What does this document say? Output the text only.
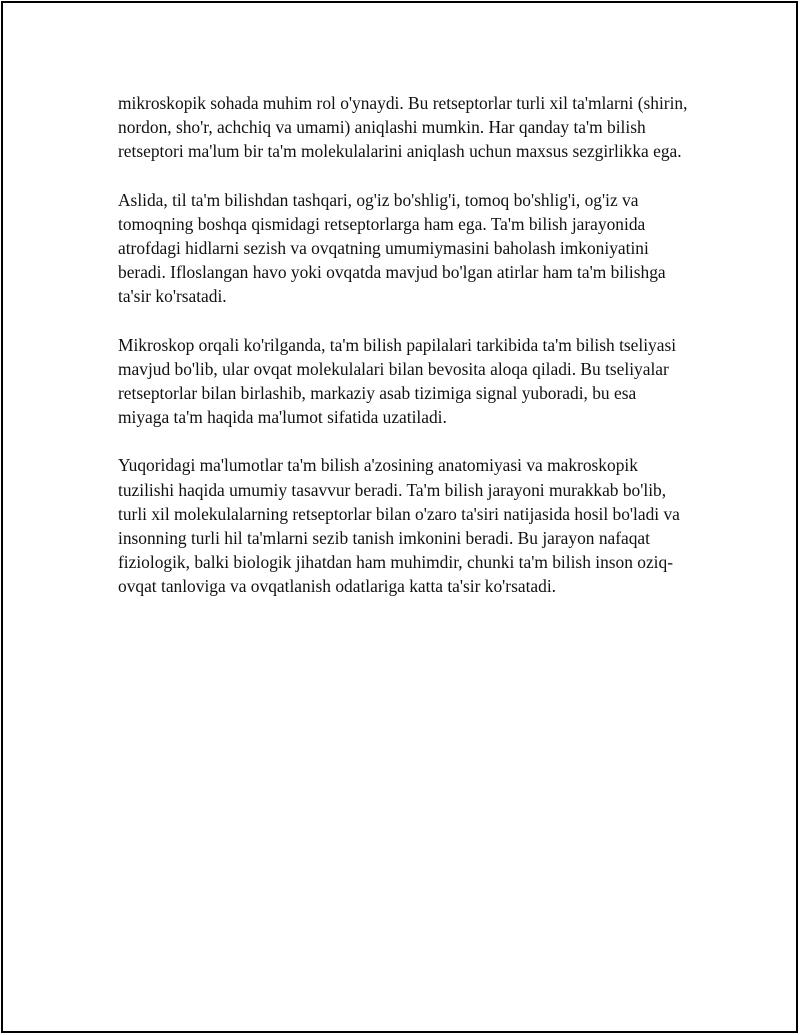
mikroskopik sohada muhim rol o'ynaydi. Bu retseptorlar turli xil ta'mlarni (shirin, nordon, sho'r, achchiq va umami) aniqlashi mumkin. Har qanday ta'm bilish retseptori ma'lum bir ta'm molekulalarini aniqlash uchun maxsus sezgirlikka ega.

Aslida, til ta'm bilishdan tashqari, og'iz bo'shlig'i, tomoq bo'shlig'i, og'iz va tomoqning boshqa qismidagi retseptorlarga ham ega. Ta'm bilish jarayonida atrofdagi hidlarni sezish va ovqatning umumiymasini baholash imkoniyatini beradi. Ifloslangan havo yoki ovqatda mavjud bo'lgan atirlar ham ta'm bilishga ta'sir ko'rsatadi.

Mikroskop orqali ko'rilganda, ta'm bilish papilalari tarkibida ta'm bilish tseliyasi mavjud bo'lib, ular ovqat molekulalari bilan bevosita aloqa qiladi. Bu tseliyalar retseptorlar bilan birlashib, markaziy asab tizimiga signal yuboradi, bu esa miyaga ta'm haqida ma'lumot sifatida uzatiladi.

Yuqoridagi ma'lumotlar ta'm bilish a'zosining anatomiyasi va makroskopik tuzilishi haqida umumiy tasavvur beradi. Ta'm bilish jarayoni murakkab bo'lib, turli xil molekulalarning retseptorlar bilan o'zaro ta'siri natijasida hosil bo'ladi va insonning turli hil ta'mlarni sezib tanish imkonini beradi. Bu jarayon nafaqat fiziologik, balki biologik jihatdan ham muhimdir, chunki ta'm bilish inson oziq-ovqat tanloviga va ovqatlanish odatlariga katta ta'sir ko'rsatadi.
